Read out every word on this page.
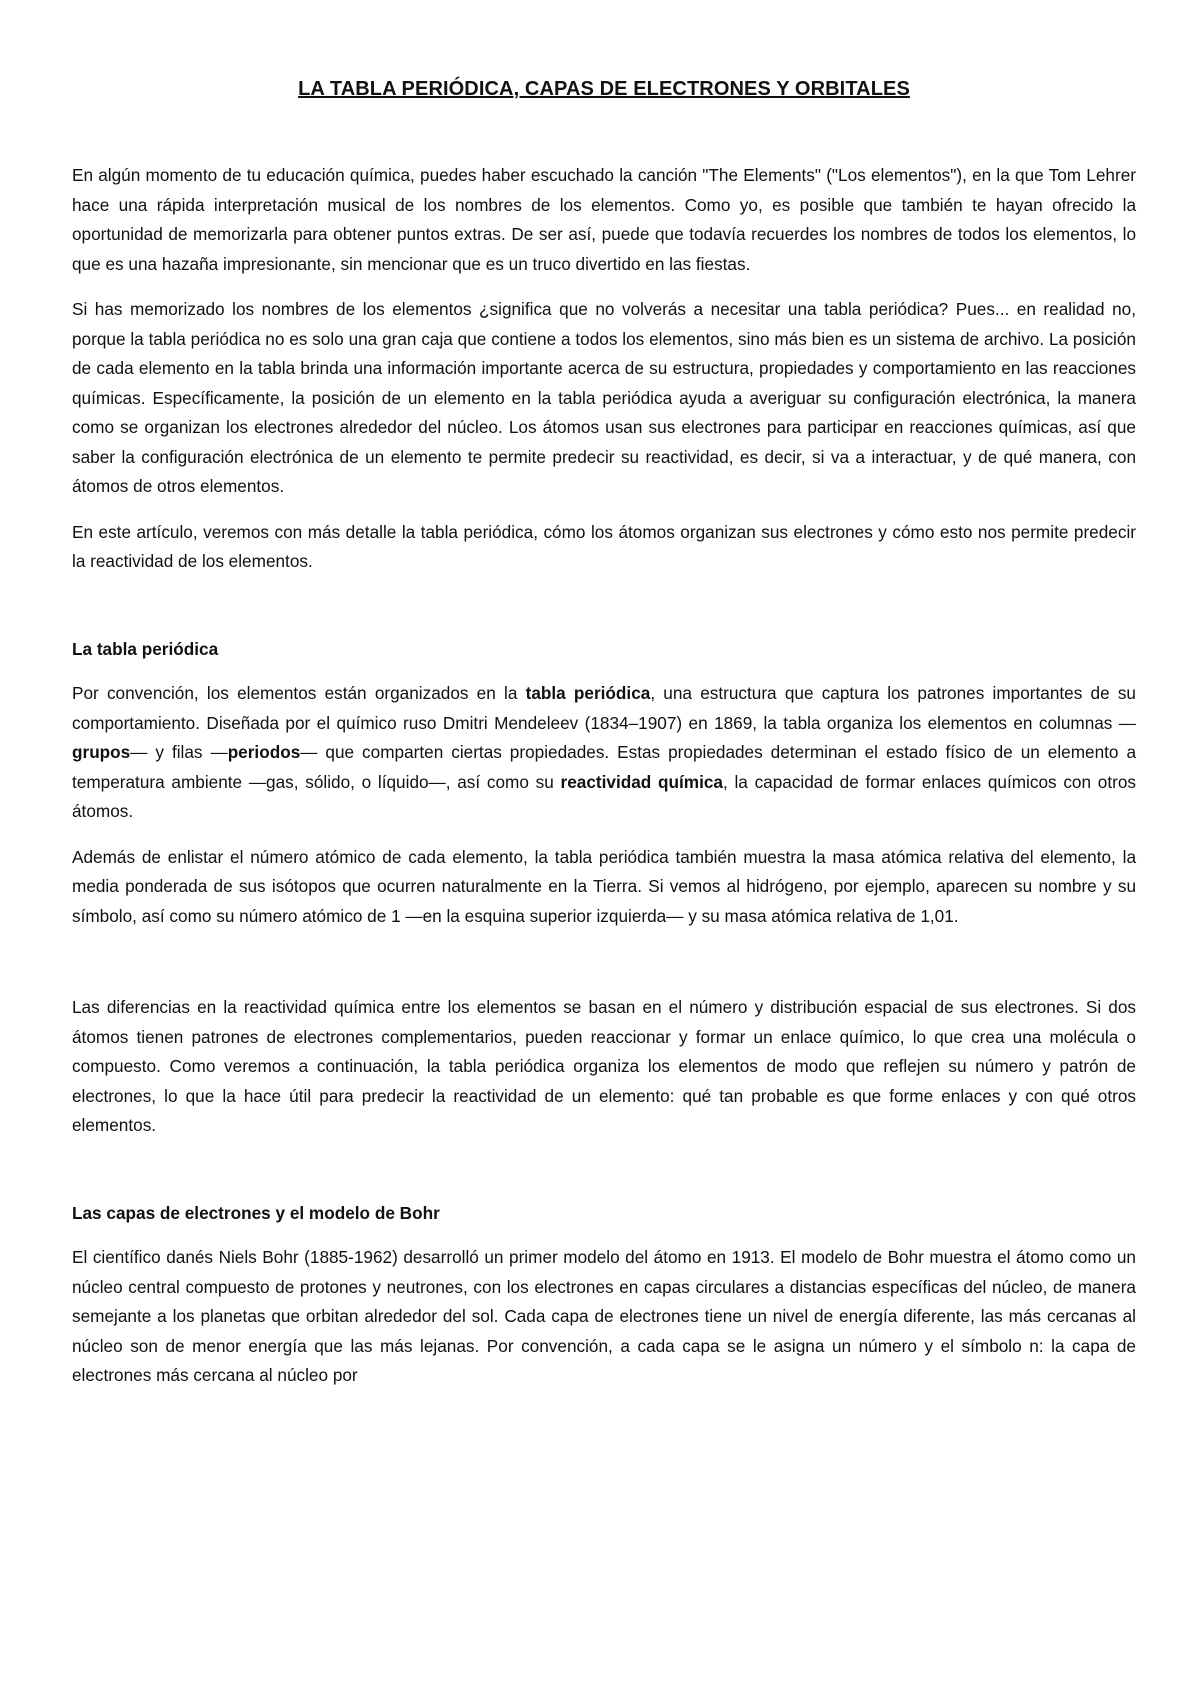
LA TABLA PERIÓDICA, CAPAS DE ELECTRONES Y ORBITALES

En algún momento de tu educación química, puedes haber escuchado la canción "The Elements" ("Los elementos"), en la que Tom Lehrer hace una rápida interpretación musical de los nombres de los elementos. Como yo, es posible que también te hayan ofrecido la oportunidad de memorizarla para obtener puntos extras. De ser así, puede que todavía recuerdes los nombres de todos los elementos, lo que es una hazaña impresionante, sin mencionar que es un truco divertido en las fiestas.

Si has memorizado los nombres de los elementos ¿significa que no volverás a necesitar una tabla periódica? Pues... en realidad no, porque la tabla periódica no es solo una gran caja que contiene a todos los elementos, sino más bien es un sistema de archivo. La posición de cada elemento en la tabla brinda una información importante acerca de su estructura, propiedades y comportamiento en las reacciones químicas. Específicamente, la posición de un elemento en la tabla periódica ayuda a averiguar su configuración electrónica, la manera como se organizan los electrones alrededor del núcleo. Los átomos usan sus electrones para participar en reacciones químicas, así que saber la configuración electrónica de un elemento te permite predecir su reactividad, es decir, si va a interactuar, y de qué manera, con átomos de otros elementos.

En este artículo, veremos con más detalle la tabla periódica, cómo los átomos organizan sus electrones y cómo esto nos permite predecir la reactividad de los elementos.

La tabla periódica

Por convención, los elementos están organizados en la tabla periódica, una estructura que captura los patrones importantes de su comportamiento. Diseñada por el químico ruso Dmitri Mendeleev (1834–1907) en 1869, la tabla organiza los elementos en columnas —grupos— y filas —periodos— que comparten ciertas propiedades. Estas propiedades determinan el estado físico de un elemento a temperatura ambiente —gas, sólido, o líquido—, así como su reactividad química, la capacidad de formar enlaces químicos con otros átomos.

Además de enlistar el número atómico de cada elemento, la tabla periódica también muestra la masa atómica relativa del elemento, la media ponderada de sus isótopos que ocurren naturalmente en la Tierra. Si vemos al hidrógeno, por ejemplo, aparecen su nombre y su símbolo, así como su número atómico de 1 —en la esquina superior izquierda— y su masa atómica relativa de 1,01.

Las diferencias en la reactividad química entre los elementos se basan en el número y distribución espacial de sus electrones. Si dos átomos tienen patrones de electrones complementarios, pueden reaccionar y formar un enlace químico, lo que crea una molécula o compuesto. Como veremos a continuación, la tabla periódica organiza los elementos de modo que reflejen su número y patrón de electrones, lo que la hace útil para predecir la reactividad de un elemento: qué tan probable es que forme enlaces y con qué otros elementos.

Las capas de electrones y el modelo de Bohr

El científico danés Niels Bohr (1885-1962) desarrolló un primer modelo del átomo en 1913. El modelo de Bohr muestra el átomo como un núcleo central compuesto de protones y neutrones, con los electrones en capas circulares a distancias específicas del núcleo, de manera semejante a los planetas que orbitan alrededor del sol. Cada capa de electrones tiene un nivel de energía diferente, las más cercanas al núcleo son de menor energía que las más lejanas. Por convención, a cada capa se le asigna un número y el símbolo n: la capa de electrones más cercana al núcleo por
